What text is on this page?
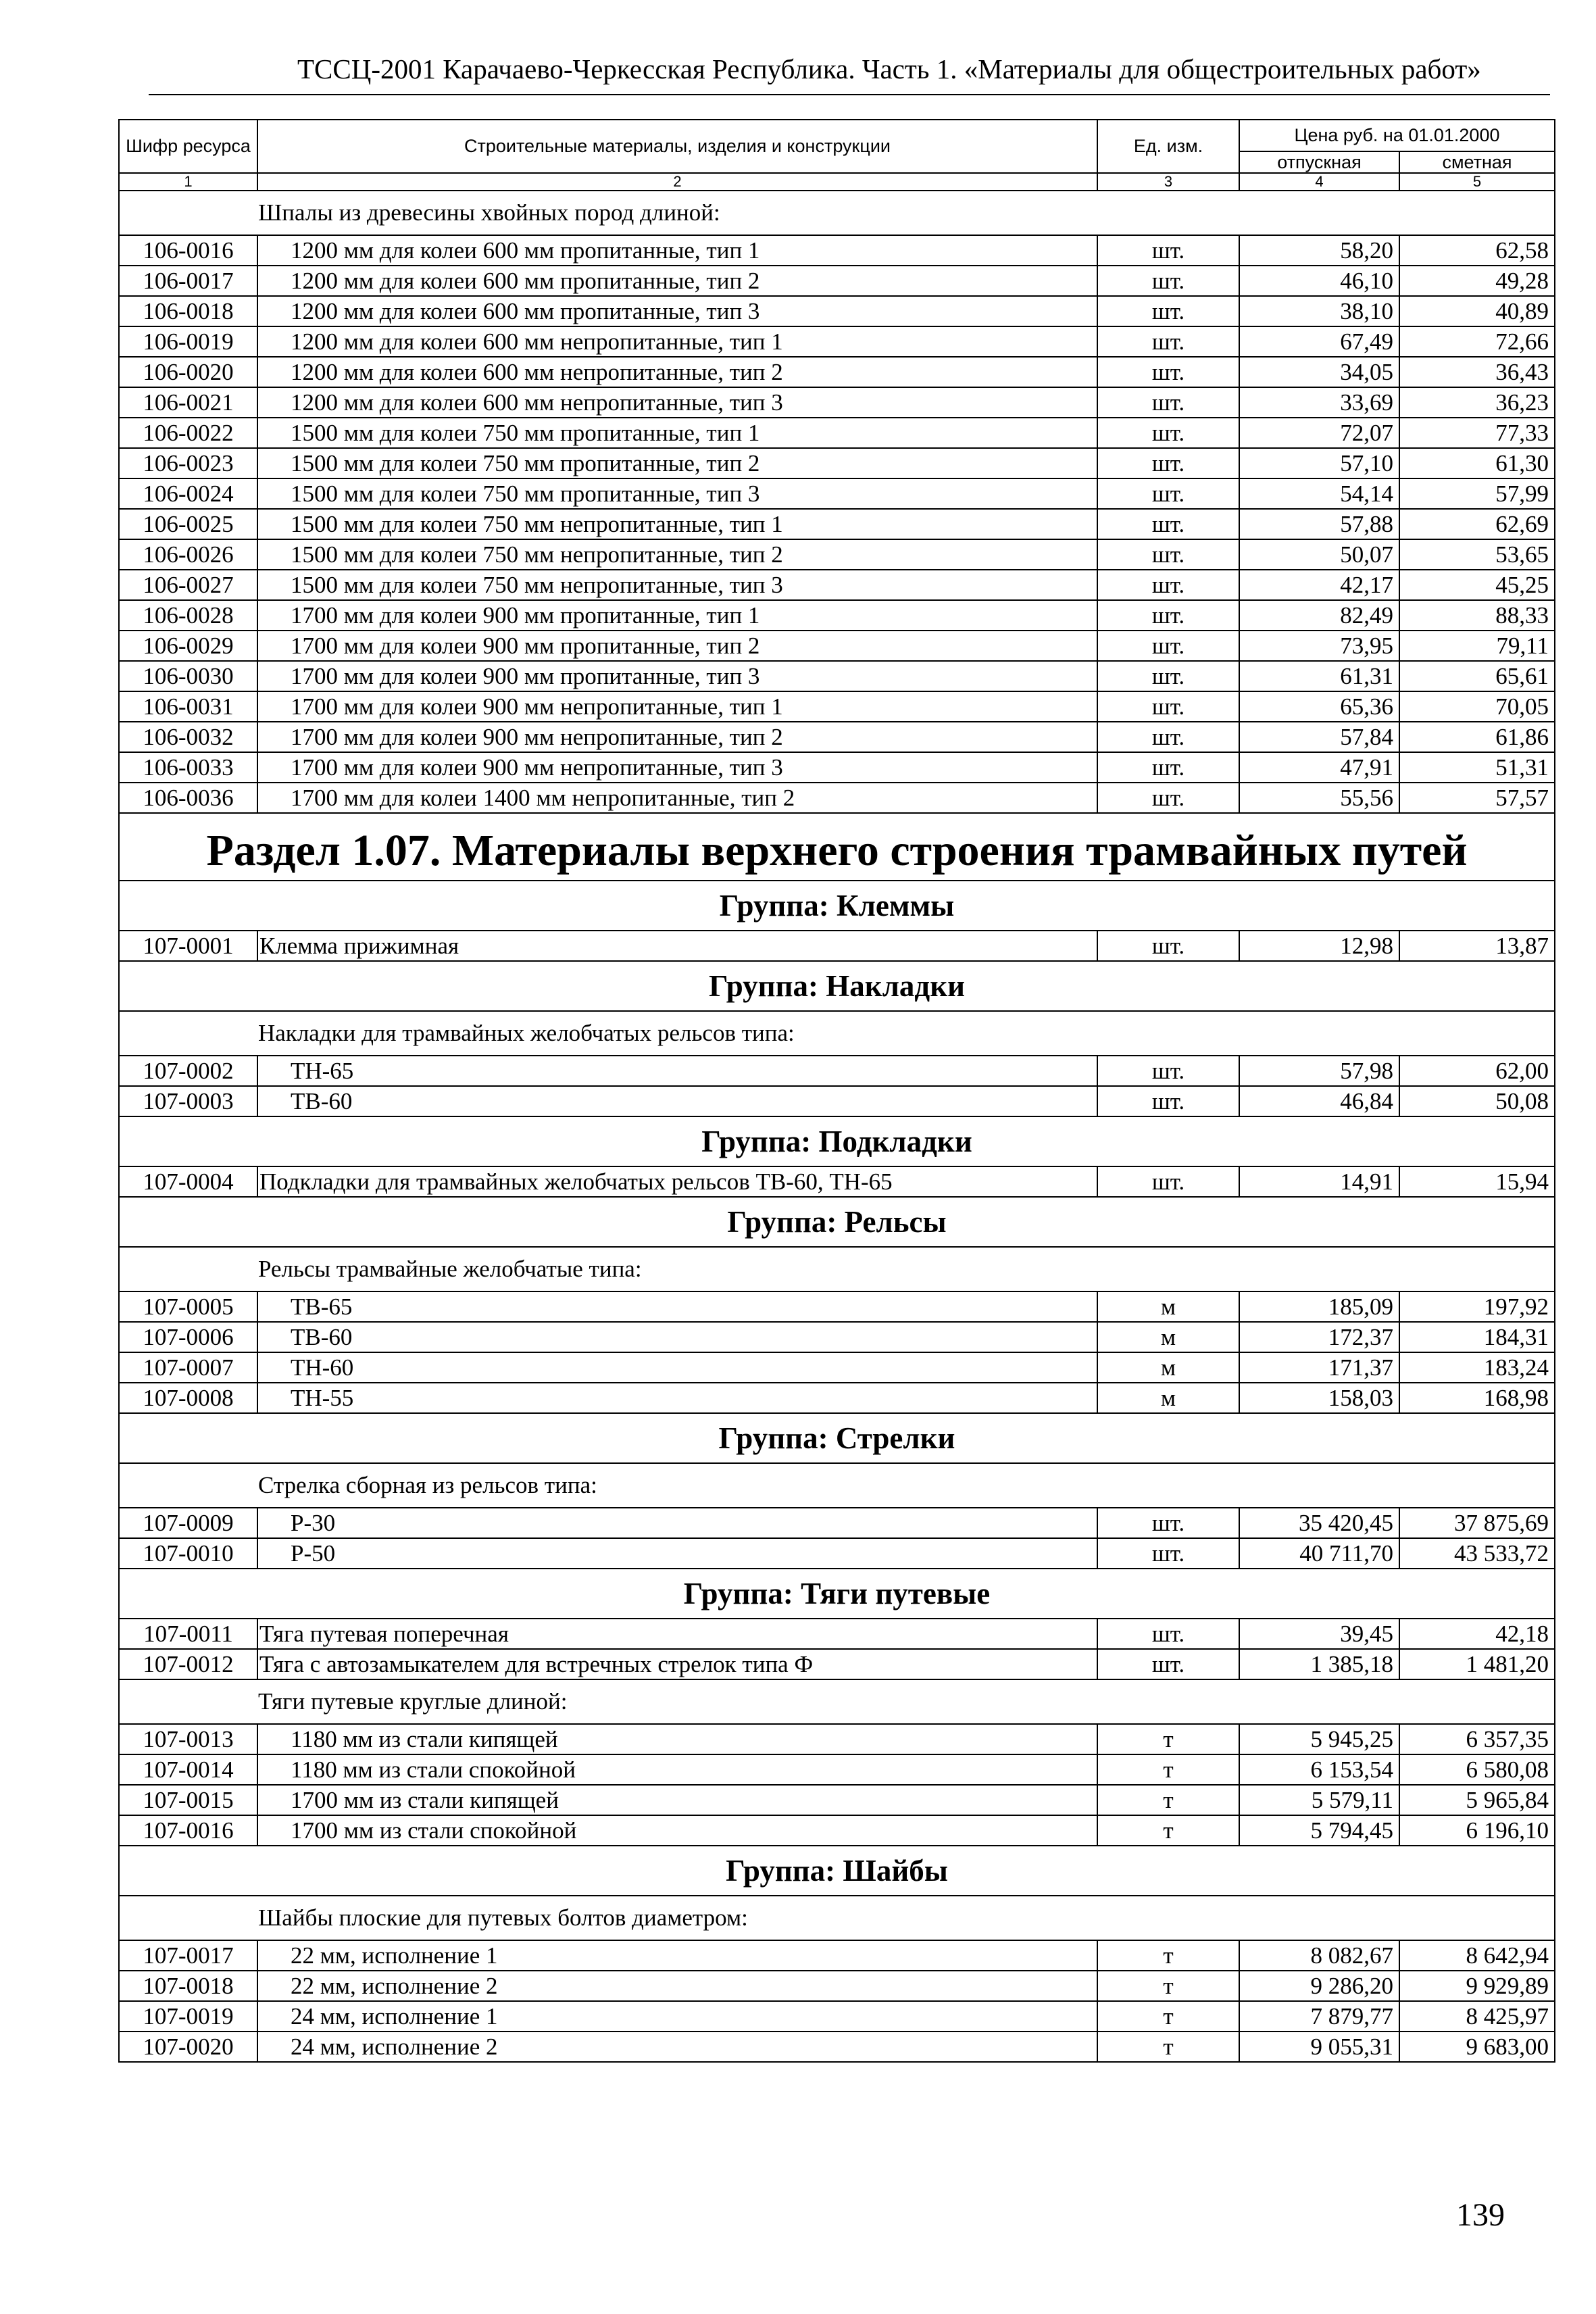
ТССЦ-2001 Карачаево-Черкесская Республика. Часть 1. «Материалы для общестроительных работ»
Шифр ресурса	Строительные материалы, изделия и конструкции	Ед. изм.	Цена руб. на 01.01.2000	
			отпускная	сметная
1	2	3	4	5
Шпалы из древесины хвойных пород длиной:				
106-0016	1200 мм для колеи 600 мм пропитанные, тип 1	шт.	58,20	62,58
106-0017	1200 мм для колеи 600 мм пропитанные, тип 2	шт.	46,10	49,28
106-0018	1200 мм для колеи 600 мм пропитанные, тип 3	шт.	38,10	40,89
106-0019	1200 мм для колеи 600 мм непропитанные, тип 1	шт.	67,49	72,66
106-0020	1200 мм для колеи 600 мм непропитанные, тип 2	шт.	34,05	36,43
106-0021	1200 мм для колеи 600 мм непропитанные, тип 3	шт.	33,69	36,23
106-0022	1500 мм для колеи 750 мм пропитанные, тип 1	шт.	72,07	77,33
106-0023	1500 мм для колеи 750 мм пропитанные, тип 2	шт.	57,10	61,30
106-0024	1500 мм для колеи 750 мм пропитанные, тип 3	шт.	54,14	57,99
106-0025	1500 мм для колеи 750 мм непропитанные, тип 1	шт.	57,88	62,69
106-0026	1500 мм для колеи 750 мм непропитанные, тип 2	шт.	50,07	53,65
106-0027	1500 мм для колеи 750 мм непропитанные, тип 3	шт.	42,17	45,25
106-0028	1700 мм для колеи 900 мм пропитанные, тип 1	шт.	82,49	88,33
106-0029	1700 мм для колеи 900 мм пропитанные, тип 2	шт.	73,95	79,11
106-0030	1700 мм для колеи 900 мм пропитанные, тип 3	шт.	61,31	65,61
106-0031	1700 мм для колеи 900 мм непропитанные, тип 1	шт.	65,36	70,05
106-0032	1700 мм для колеи 900 мм непропитанные, тип 2	шт.	57,84	61,86
106-0033	1700 мм для колеи 900 мм непропитанные, тип 3	шт.	47,91	51,31
106-0036	1700 мм для колеи 1400 мм непропитанные, тип 2	шт.	55,56	57,57
Раздел 1.07. Материалы верхнего строения трамвайных путей				
Группа: Клеммы				
107-0001	Клемма прижимная	шт.	12,98	13,87
Группа: Накладки				
Накладки для трамвайных желобчатых рельсов типа:				
107-0002	ТН-65	шт.	57,98	62,00
107-0003	ТВ-60	шт.	46,84	50,08
Группа: Подкладки				
107-0004	Подкладки для трамвайных желобчатых рельсов ТВ-60, ТН-65	шт.	14,91	15,94
Группа: Рельсы				
Рельсы трамвайные желобчатые типа:				
107-0005	ТВ-65	м	185,09	197,92
107-0006	ТВ-60	м	172,37	184,31
107-0007	ТН-60	м	171,37	183,24
107-0008	ТН-55	м	158,03	168,98
Группа: Стрелки				
Стрелка сборная из рельсов типа:				
107-0009	Р-30	шт.	35 420,45	37 875,69
107-0010	Р-50	шт.	40 711,70	43 533,72
Группа: Тяги путевые				
107-0011	Тяга путевая поперечная	шт.	39,45	42,18
107-0012	Тяга с автозамыкателем для встречных стрелок типа Ф	шт.	1 385,18	1 481,20
Тяги путевые круглые длиной:				
107-0013	1180 мм из стали кипящей	т	5 945,25	6 357,35
107-0014	1180 мм из стали спокойной	т	6 153,54	6 580,08
107-0015	1700 мм из стали кипящей	т	5 579,11	5 965,84
107-0016	1700 мм из стали спокойной	т	5 794,45	6 196,10
Группа: Шайбы				
Шайбы плоские для путевых болтов диаметром:				
107-0017	22 мм, исполнение 1	т	8 082,67	8 642,94
107-0018	22 мм, исполнение 2	т	9 286,20	9 929,89
107-0019	24 мм, исполнение 1	т	7 879,77	8 425,97
107-0020	24 мм, исполнение 2	т	9 055,31	9 683,00
139
